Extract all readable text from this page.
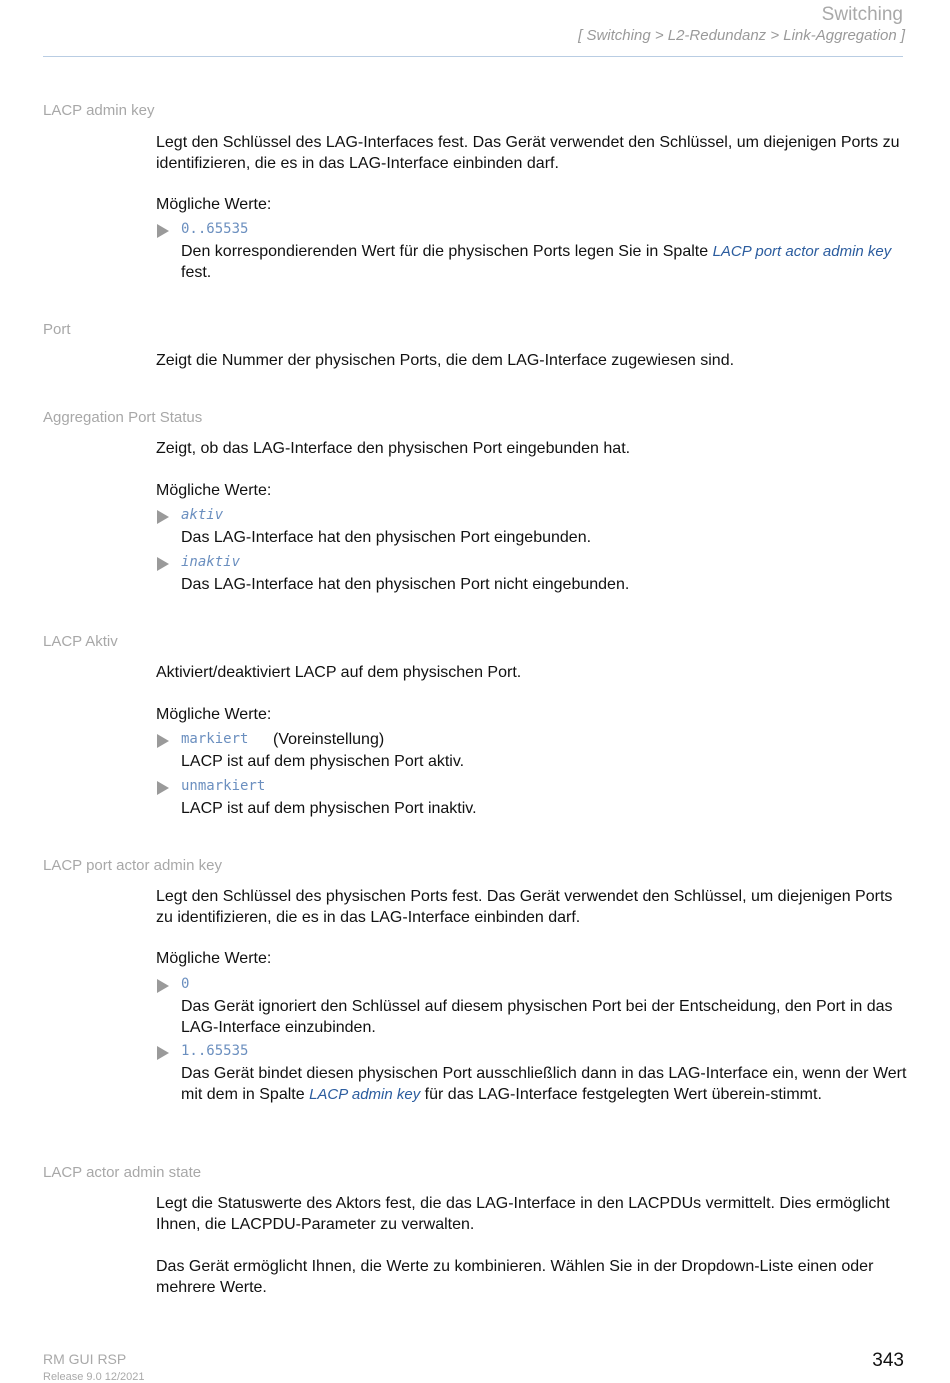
Switching
[ Switching > L2-Redundanz > Link-Aggregation ]
LACP admin key
Legt den Schlüssel des LAG-Interfaces fest. Das Gerät verwendet den Schlüssel, um diejenigen Ports zu identifizieren, die es in das LAG-Interface einbinden darf.
Mögliche Werte:
0..65535
Den korrespondierenden Wert für die physischen Ports legen Sie in Spalte LACP port actor admin key fest.
Port
Zeigt die Nummer der physischen Ports, die dem LAG-Interface zugewiesen sind.
Aggregation Port Status
Zeigt, ob das LAG-Interface den physischen Port eingebunden hat.
Mögliche Werte:
aktiv
Das LAG-Interface hat den physischen Port eingebunden.
inaktiv
Das LAG-Interface hat den physischen Port nicht eingebunden.
LACP Aktiv
Aktiviert/deaktiviert LACP auf dem physischen Port.
Mögliche Werte:
markiert (Voreinstellung)
LACP ist auf dem physischen Port aktiv.
unmarkiert
LACP ist auf dem physischen Port inaktiv.
LACP port actor admin key
Legt den Schlüssel des physischen Ports fest. Das Gerät verwendet den Schlüssel, um diejenigen Ports zu identifizieren, die es in das LAG-Interface einbinden darf.
Mögliche Werte:
0
Das Gerät ignoriert den Schlüssel auf diesem physischen Port bei der Entscheidung, den Port in das LAG-Interface einzubinden.
1..65535
Das Gerät bindet diesen physischen Port ausschließlich dann in das LAG-Interface ein, wenn der Wert mit dem in Spalte LACP admin key für das LAG-Interface festgelegten Wert überein-stimmt.
LACP actor admin state
Legt die Statuswerte des Aktors fest, die das LAG-Interface in den LACPDUs vermittelt. Dies ermöglicht Ihnen, die LACPDU-Parameter zu verwalten.
Das Gerät ermöglicht Ihnen, die Werte zu kombinieren. Wählen Sie in der Dropdown-Liste einen oder mehrere Werte.
RM GUI RSP
Release 9.0 12/2021
343
